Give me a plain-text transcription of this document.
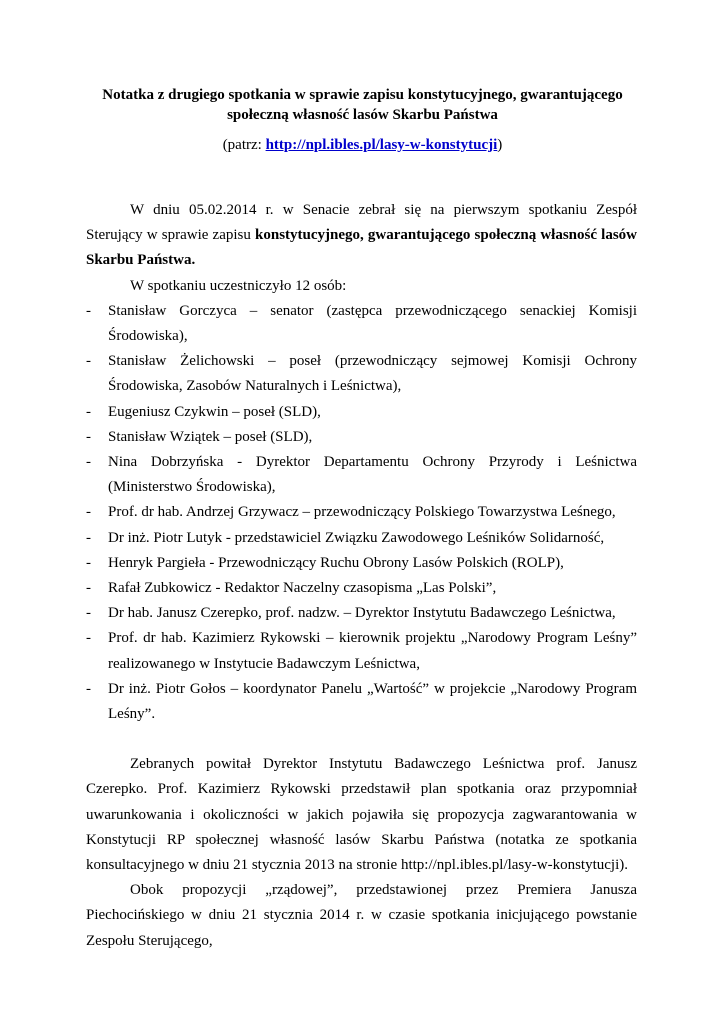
Notatka z drugiego spotkania w sprawie zapisu konstytucyjnego, gwarantującego
społeczną własność lasów Skarbu Państwa
(patrz: http://npl.ibles.pl/lasy-w-konstytucji)

W dniu 05.02.2014 r. w Senacie zebrał się na pierwszym spotkaniu Zespół Sterujący w sprawie zapisu konstytucyjnego, gwarantującego społeczną własność lasów Skarbu Państwa.

W spotkaniu uczestniczyło 12 osób:

- Stanisław Gorczyca – senator (zastępca przewodniczącego senackiej Komisji Środowiska),
- Stanisław Żelichowski – poseł (przewodniczący sejmowej Komisji Ochrony Środowiska, Zasobów Naturalnych i Leśnictwa),
- Eugeniusz Czykwin – poseł (SLD),
- Stanisław Wziątek – poseł (SLD),
- Nina Dobrzyńska - Dyrektor Departamentu Ochrony Przyrody i Leśnictwa (Ministerstwo Środowiska),
- Prof. dr hab. Andrzej Grzywacz – przewodniczący Polskiego Towarzystwa Leśnego,
- Dr inż. Piotr Lutyk - przedstawiciel Związku Zawodowego Leśników Solidarność,
- Henryk Pargieła - Przewodniczący Ruchu Obrony Lasów Polskich (ROLP),
- Rafał Zubkowicz - Redaktor Naczelny czasopisma „Las Polski”,
- Dr hab. Janusz Czerepko, prof. nadzw. – Dyrektor Instytutu Badawczego Leśnictwa,
- Prof. dr hab. Kazimierz Rykowski – kierownik projektu „Narodowy Program Leśny” realizowanego w Instytucie Badawczym Leśnictwa,
- Dr inż. Piotr Gołos – koordynator Panelu „Wartość” w projekcie „Narodowy Program Leśny”.

Zebranych powitał Dyrektor Instytutu Badawczego Leśnictwa prof. Janusz Czerepko. Prof. Kazimierz Rykowski przedstawił plan spotkania oraz przypomniał uwarunkowania i okoliczności w jakich pojawiła się propozycja zagwarantowania w Konstytucji RP społecznej własność lasów Skarbu Państwa (notatka ze spotkania konsultacyjnego w dniu 21 stycznia 2013 na stronie http://npl.ibles.pl/lasy-w-konstytucji).

Obok propozycji „rządowej”, przedstawionej przez Premiera Janusza Piechocińskiego w dniu 21 stycznia 2014 r. w czasie spotkania inicjującego powstanie Zespołu Sterującego,
